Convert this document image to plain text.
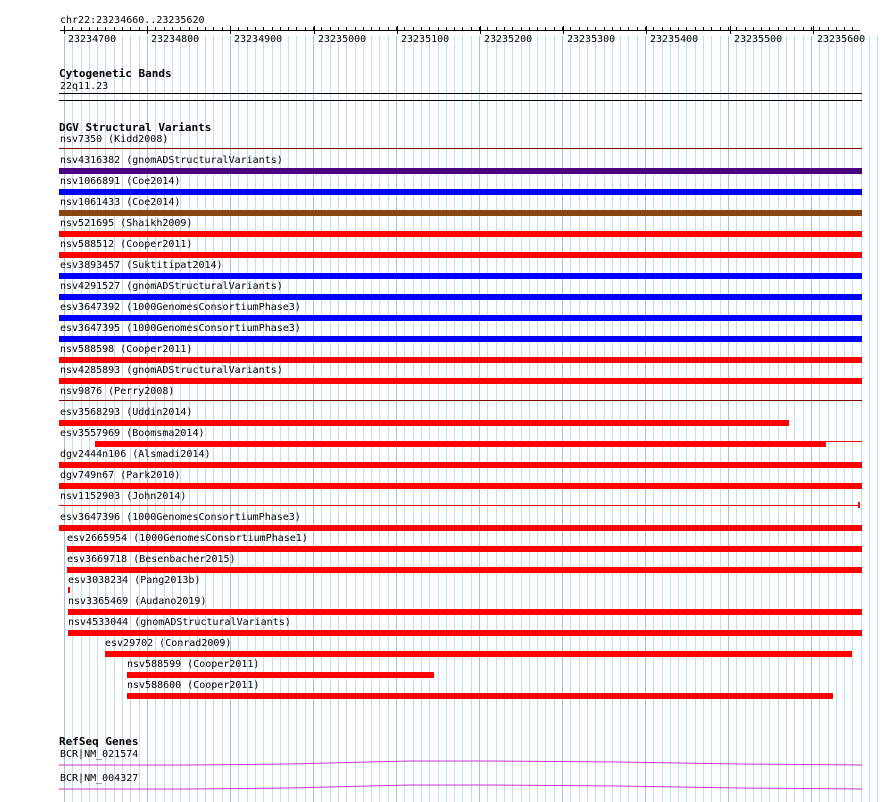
chr22:23234660..23235620
23234700	23234800	23234900	23235000	23235100	23235200	23235300	23235400	23235500	23235600
Cytogenetic Bands
22q11.23
DGV Structural Variants
nsv7350 (Kidd2008)
nsv4316382 (gnomADStructuralVariants)
nsv1066891 (Coe2014)
nsv1061433 (Coe2014)
nsv521695 (Shaikh2009)
nsv588512 (Cooper2011)
esv3893457 (Suktitipat2014)
nsv4291527 (gnomADStructuralVariants)
esv3647392 (1000GenomesConsortiumPhase3)
esv3647395 (1000GenomesConsortiumPhase3)
nsv588598 (Cooper2011)
nsv4285893 (gnomADStructuralVariants)
nsv9876 (Perry2008)
esv3568293 (Uddin2014)
esv3557969 (Boomsma2014)
dgv2444n106 (Alsmadi2014)
dgv749n67 (Park2010)
nsv1152903 (John2014)
esv3647396 (1000GenomesConsortiumPhase3)
esv2665954 (1000GenomesConsortiumPhase1)
esv3669718 (Besenbacher2015)
esv3038234 (Pang2013b)
nsv3365469 (Audano2019)
nsv4533044 (gnomADStructuralVariants)
esv29702 (Conrad2009)
nsv588599 (Cooper2011)
nsv588600 (Cooper2011)
RefSeq Genes
BCR|NM_021574
BCR|NM_004327
